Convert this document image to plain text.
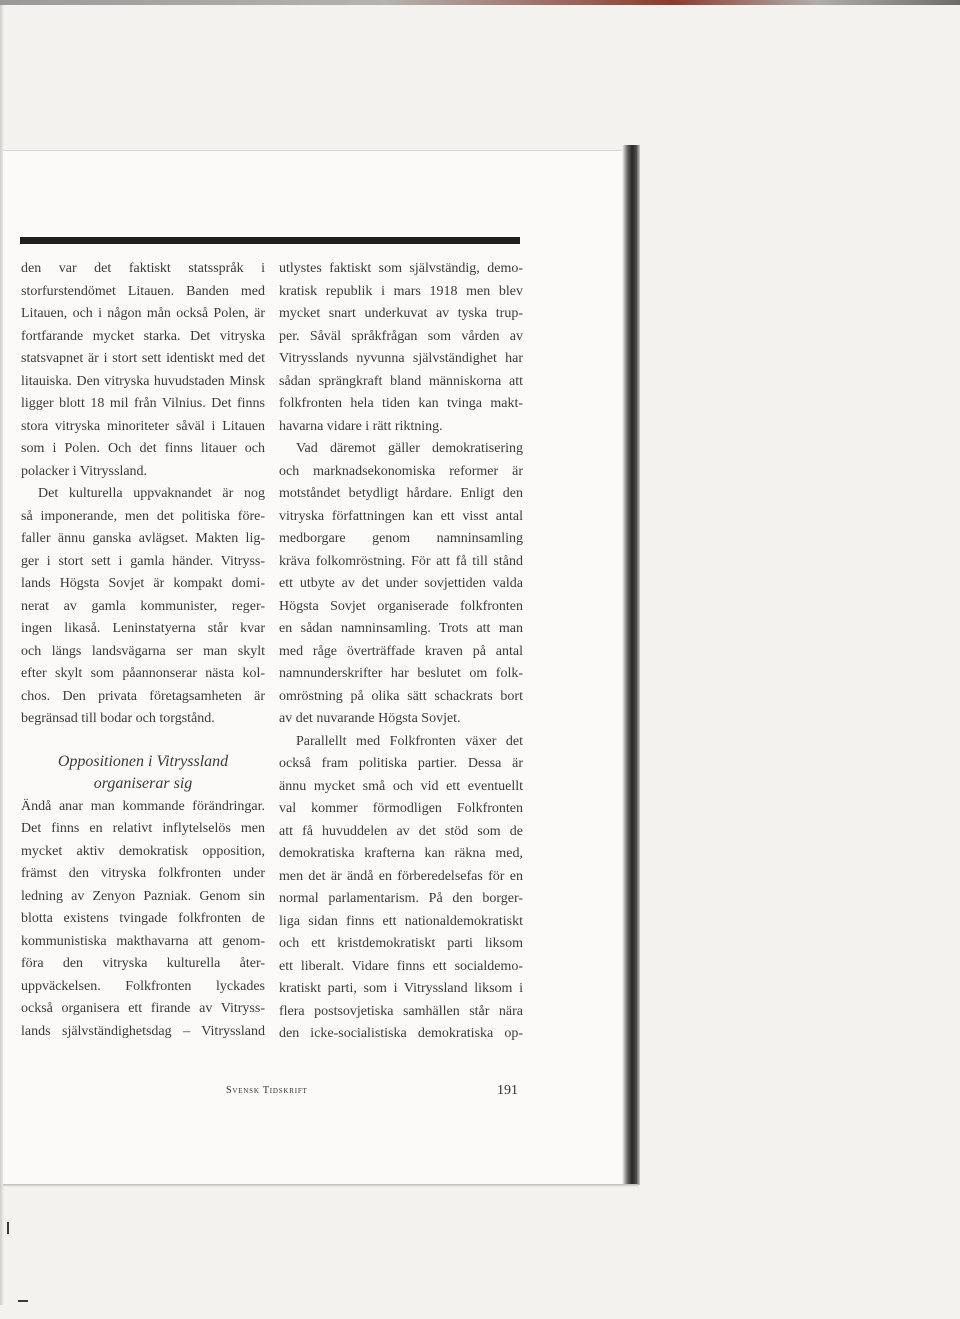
den var det faktiskt statsspråk i
storfurstendömet Litauen. Banden med
Litauen, och i någon mån också Polen, är
fortfarande mycket starka. Det vitryska
statsvapnet är i stort sett identiskt med det
litauiska. Den vitryska huvudstaden Minsk
ligger blott 18 mil från Vilnius. Det finns
stora vitryska minoriteter såväl i Litauen
som i Polen. Och det finns litauer och
polacker i Vitryssland.
Det kulturella uppvaknandet är nog
så imponerande, men det politiska före-
faller ännu ganska avlägset. Makten lig-
ger i stort sett i gamla händer. Vitryss-
lands Högsta Sovjet är kompakt domi-
nerat av gamla kommunister, reger-
ingen likaså. Leninstatyerna står kvar
och längs landsvägarna ser man skylt
efter skylt som påannonserar nästa kol-
chos. Den privata företagsamheten är
begränsad till bodar och torgstånd.
Oppositionen i Vitryssland
organiserar sig
Ändå anar man kommande förändringar.
Det finns en relativt inflytelselös men
mycket aktiv demokratisk opposition,
främst den vitryska folkfronten under
ledning av Zenyon Pazniak. Genom sin
blotta existens tvingade folkfronten de
kommunistiska makthavarna att genom-
föra den vitryska kulturella åter-
uppväckelsen. Folkfronten lyckades
också organisera ett firande av Vitryss-
lands självständighetsdag – Vitryssland
utlystes faktiskt som självständig, demo-
kratisk republik i mars 1918 men blev
mycket snart underkuvat av tyska trup-
per. Såväl språkfrågan som vården av
Vitrysslands nyvunna självständighet har
sådan sprängkraft bland människorna att
folkfronten hela tiden kan tvinga makt-
havarna vidare i rätt riktning.
Vad däremot gäller demokratisering
och marknadsekonomiska reformer är
motståndet betydligt hårdare. Enligt den
vitryska författningen kan ett visst antal
medborgare genom namninsamling
kräva folkomröstning. För att få till stånd
ett utbyte av det under sovjettiden valda
Högsta Sovjet organiserade folkfronten
en sådan namninsamling. Trots att man
med råge överträffade kraven på antal
namnunderskrifter har beslutet om folk-
omröstning på olika sätt schackrats bort
av det nuvarande Högsta Sovjet.
Parallellt med Folkfronten växer det
också fram politiska partier. Dessa är
ännu mycket små och vid ett eventuellt
val kommer förmodligen Folkfronten
att få huvuddelen av det stöd som de
demokratiska krafterna kan räkna med,
men det är ändå en förberedelsefas för en
normal parlamentarism. På den borger-
liga sidan finns ett nationaldemokratiskt
och ett kristdemokratiskt parti liksom
ett liberalt. Vidare finns ett socialdemo-
kratiskt parti, som i Vitryssland liksom i
flera postsovjetiska samhällen står nära
den icke-socialistiska demokratiska op-
Svensk Tidskrift	191
